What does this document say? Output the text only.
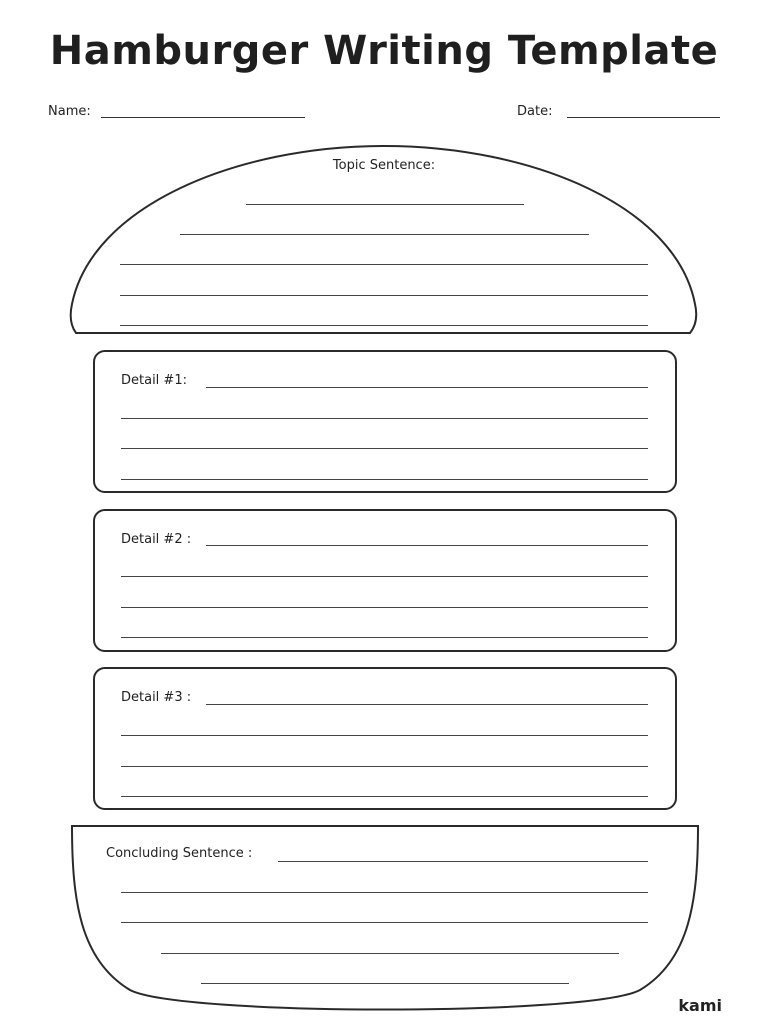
Hamburger Writing Template
Name:	Date:
Topic Sentence:
Detail #1:
Detail #2 :
Detail #3 :
Concluding Sentence :
kami
